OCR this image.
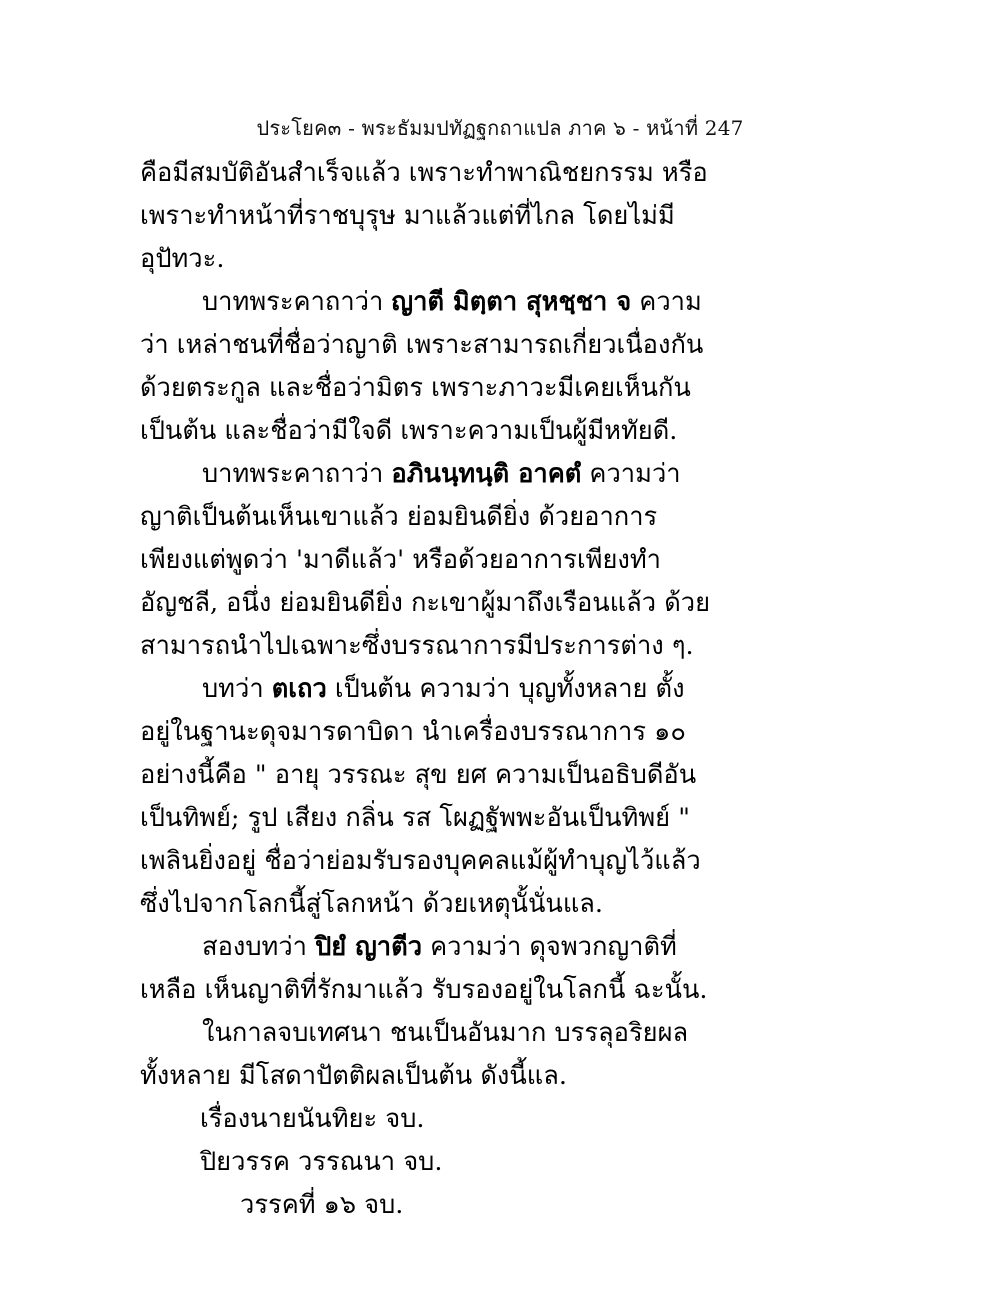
ประโยค๓ - พระธัมมปทัฏฐกถาแปล ภาค ๖ - หน้าที่ 247

คือมีสมบัติอันสำเร็จแล้ว เพราะทำพาณิชยกรรม หรือเพราะทำหน้าที่ราชบุรุษ มาแล้วแต่ที่ไกล โดยไม่มีอุปัทวะ.

บาทพระคาถาว่า ญาตี มิตฺตา สุหชฺชา จ ความว่า เหล่าชนที่ชื่อว่าญาติ เพราะสามารถเกี่ยวเนื่องกันด้วยตระกูล และชื่อว่ามิตร เพราะภาวะมีเคยเห็นกันเป็นต้น และชื่อว่ามีใจดี เพราะความเป็นผู้มีหทัยดี.

บาทพระคาถาว่า อภินนฺทนฺติ อาคตํ ความว่า ญาติเป็นต้นเห็นเขาแล้ว ย่อมยินดียิ่ง ด้วยอาการเพียงแต่พูดว่า 'มาดีแล้ว' หรือด้วยอาการเพียงทำอัญชลี, อนึ่ง ย่อมยินดียิ่ง กะเขาผู้มาถึงเรือนแล้ว ด้วยสามารถนำไปเฉพาะซึ่งบรรณาการมีประการต่าง ๆ.

บทว่า ตเถว เป็นต้น ความว่า บุญทั้งหลาย ตั้งอยู่ในฐานะดุจมารดาบิดา นำเครื่องบรรณาการ ๑๐ อย่างนี้คือ " อายุ วรรณะ สุข ยศ ความเป็นอธิบดีอันเป็นทิพย์; รูป เสียง กลิ่น รส โผฏฐัพพะอันเป็นทิพย์ " เพลินยิ่งอยู่ ชื่อว่าย่อมรับรองบุคคลแม้ผู้ทำบุญไว้แล้ว ซึ่งไปจากโลกนี้สู่โลกหน้า ด้วยเหตุนั้นั่นแล.

สองบทว่า ปิยํ ญาตีว ความว่า ดุจพวกญาติที่เหลือ เห็นญาติที่รักมาแล้ว รับรองอยู่ในโลกนี้ ฉะนั้น.

ในกาลจบเทศนา ชนเป็นอันมาก บรรลุอริยผลทั้งหลาย มีโสดาปัตติผลเป็นต้น ดังนี้แล.

เรื่องนายนันทิยะ จบ.

ปิยวรรค วรรณนา จบ.

วรรคที่ ๑๖ จบ.
